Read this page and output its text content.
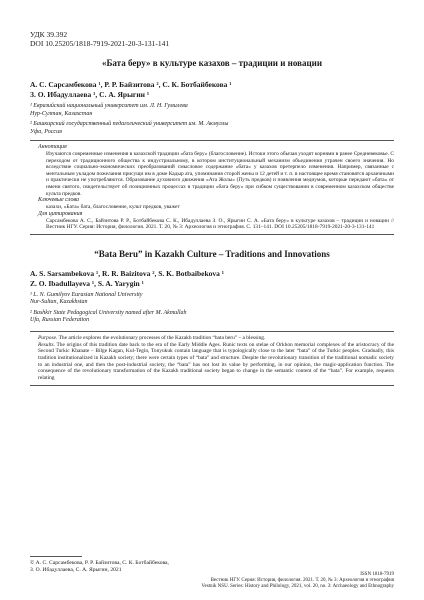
УДК 39.392
DOI 10.25205/1818-7919-2021-20-3-131-141
«Бата беру» в культуре казахов – традиции и новации
А. С. Сарсамбекова ¹, Р. Р. Байзитова ², С. К. Ботбайбекова ¹
З. О. Ибадуллаева ¹, С. А. Ярыгин ¹
¹ Евразийский национальный университет им. Л. Н. Гумилева
Нур-Султан, Казахстан
² Башкирский государственный педагогический университет им. М. Акмуллы
Уфа, Россия
Аннотация
Изучаются современные изменения в казахской традиции «бата беру» (благословение). Истоки этого обычая уходят корнями в ранее Средневековье. С переходом от традиционного общества к индустриальному, в котором институциональный механизм объединения утрачен своего значения. Но вследствие социально-экономических преобразований смысловое содержание «бата» у казахов претерпело изменения. Например, связанные с ментальным укладом пожелания присущи им в доме Кадыр ата, упоминания сторой жены и 12 детей и т. п. в настоящее время становятся архаичными и практически не употребляются. Образование духовного движения «Ата Жолы» (Путь предков) и появления медиумов, которые передают «бата» от имени святого, свидетельствует об позиционных процессах в традиции «бата беру» при сибком существовании в современном казахском обществе культа предков.
Ключевые слова
казахи, «Бата» бата, благословение, культ предков, уважет
Для цитирования
Сарсамбекова А. С., Байзитова Р. Р., Ботбайбекова С. К., Ибадуллаева З. О., Ярыгин С. А. «Бата беру» в культуре казахов – традиции и новации // Вестник НГУ. Серия: История, филология. 2021. Т. 20, № 3: Археология и этнография. С. 131–141. DOI 10.25205/1818-7919-2021-20-3-131-141
“Bata Beru” in Kazakh Culture – Traditions and Innovations
A. S. Sarsambekova ¹, R. R. Baizitova ², S. K. Botbaibekova ¹
Z. O. Ibadullayeva ¹, S. A. Yarygin ¹
¹ L. N. Gumilyov Eurasian National University
Nur-Sultan, Kazakhstan
² Bashkir State Pedagogical University named after M. Akmullah
Ufa, Russian Federation
Purpose. The article explores the evolutionary processes of the Kazakh tradition “bata beru” – a blessing.
Results. The origins of this tradition date back to the era of the Early Middle Ages. Runic texts on stelae of Orkhon memorial complexes of the aristocracy of the Second Turkic Khanate – Bilge Kagan, Kul-Tegin, Tonyukuk contain language that is typologically close to the later “bata” of the Turkic peoples. Gradually, this tradition institutionalized in Kazakh society; there were certain types of “bata” and structure. Despite the revolutionary transition of the traditional nomadic society to an industrial one, and then the post-industrial society, the “bata” has not lost its value by performing, in our opinion, the magic-application function. The consequence of the revolutionary transformation of the Kazakh traditional society began to change in the semantic content of the “bata”. For example, requests relating
© А. С. Сарсамбекова, Р. Р. Байзитова, С. К. Ботбайбекова,
З. О. Ибадуллаева, С. А. Ярыгин, 2021
ISSN 1818-7919
Вестник НГУ. Серия: История, филология. 2021. Т. 20, № 3: Археология и этнография
Vestnik NSU. Series: History and Philology, 2021, vol. 20, no. 3: Archaeology and Ethnography
